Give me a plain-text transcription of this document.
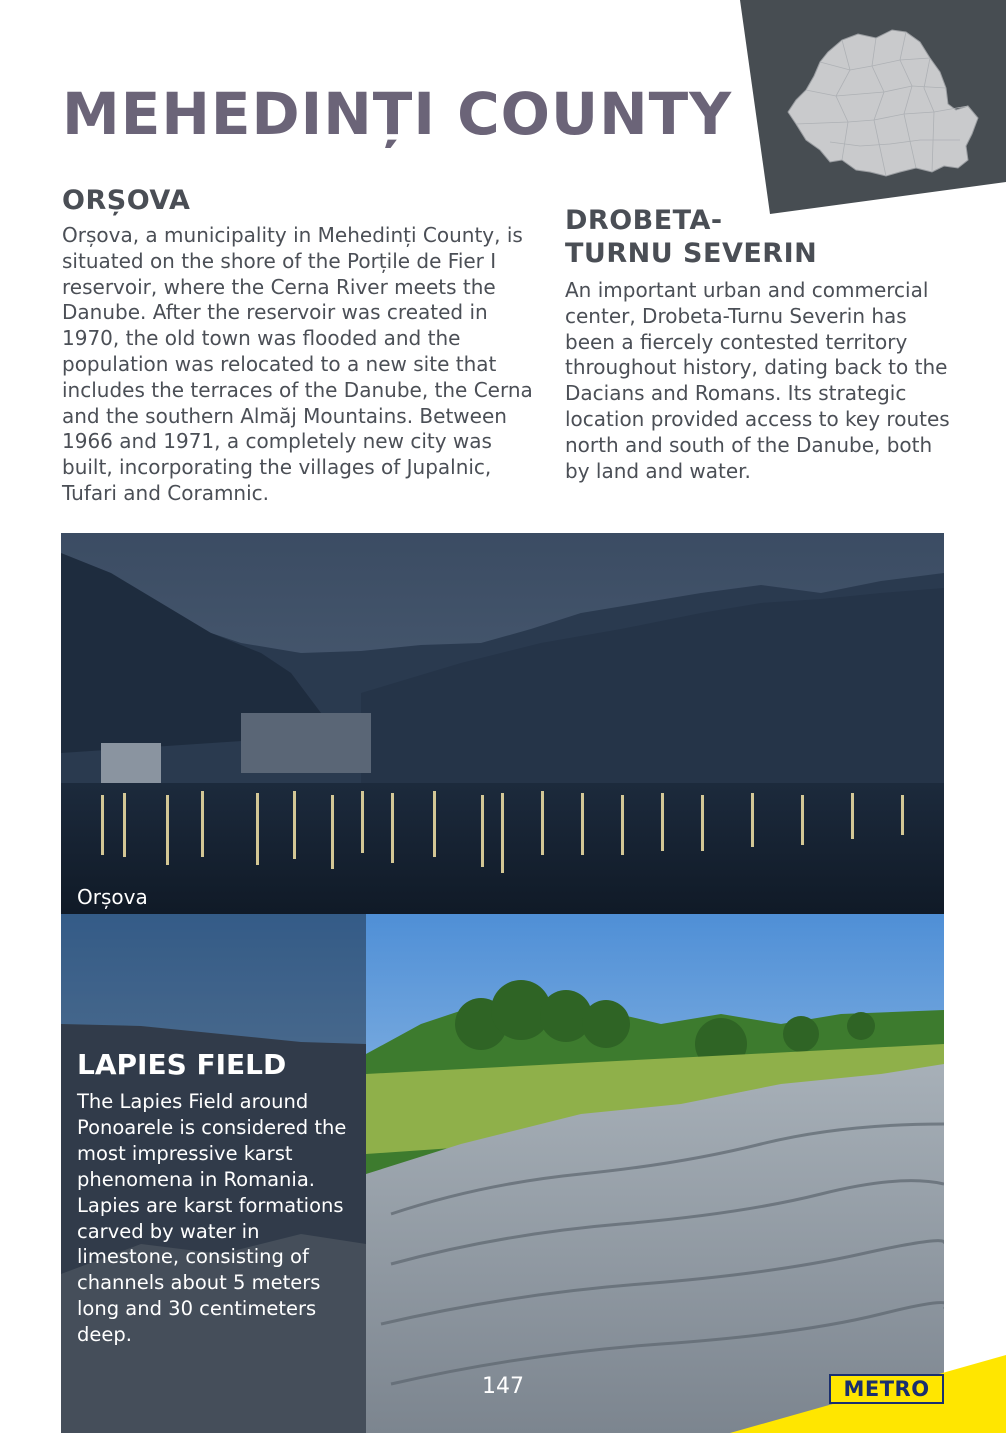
MEHEDINȚI COUNTY
ORȘOVA

Orșova, a municipality in Mehedinți County, is situated on the shore of the Porțile de Fier I reservoir, where the Cerna River meets the Danube. After the reservoir was created in 1970, the old town was flooded and the population was relocated to a new site that includes the terraces of the Danube, the Cerna and the southern Almăj Mountains. Between 1966 and 1971, a completely new city was built, incorporating the villages of Jupalnic, Tufari and Coramnic.

DROBETA-
TURNU SEVERIN

An important urban and commercial center, Drobeta-Turnu Severin has been a fiercely contested territory throughout history, dating back to the Dacians and Romans. Its strategic location provided access to key routes north and south of the Danube, both by land and water.

Orșova
LAPIES FIELD

The Lapies Field around Ponoarele is considered the most impressive karst phenomena in Romania. Lapies are karst formations carved by water in limestone, consisting of channels about 5 meters long and 30 centimeters deep.

147	METRO
